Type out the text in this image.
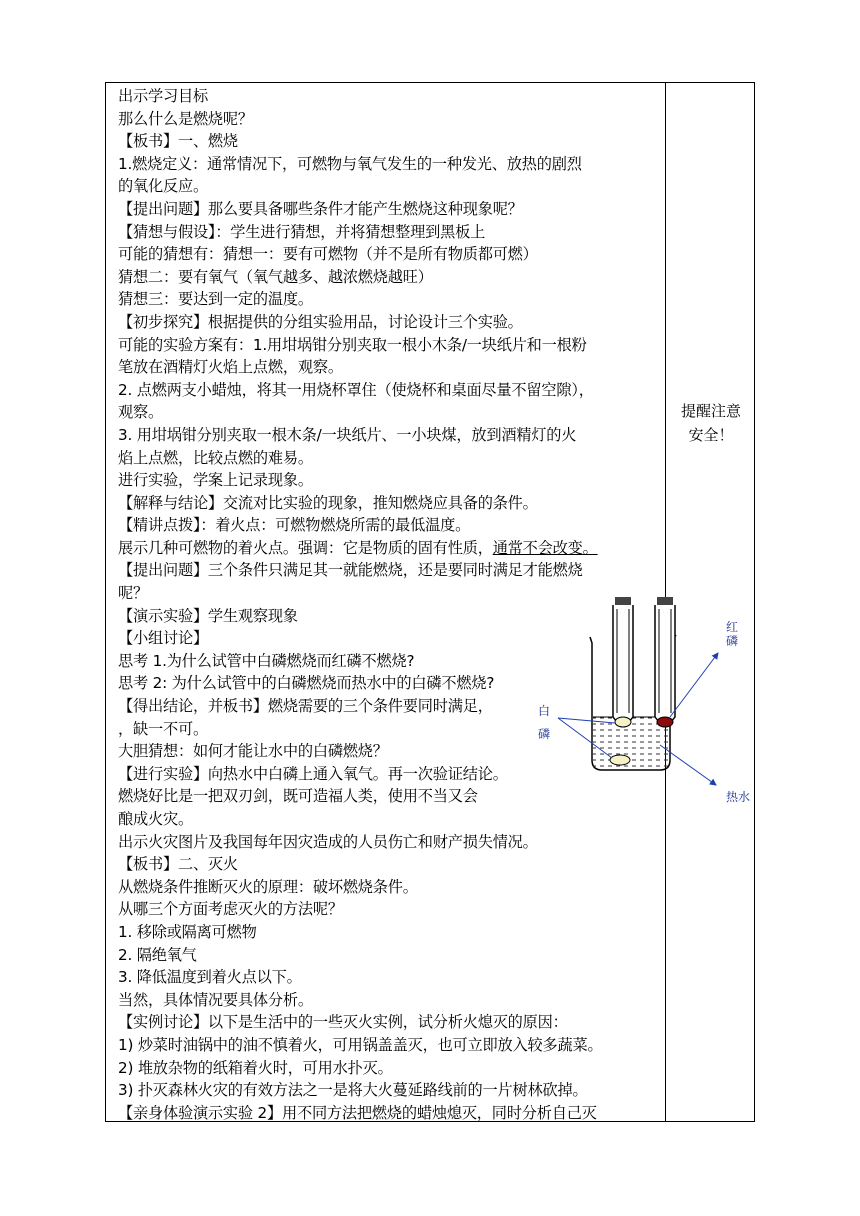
出示学习目标
那么什么是燃烧呢？
【板书】一、燃烧
1.燃烧定义：通常情况下，可燃物与氧气发生的一种发光、放热的剧烈
的氧化反应。
【提出问题】那么要具备哪些条件才能产生燃烧这种现象呢？
【猜想与假设】：学生进行猜想，并将猜想整理到黑板上
可能的猜想有：猜想一：要有可燃物（并不是所有物质都可燃）
猜想二：要有氧气（氧气越多、越浓燃烧越旺）
猜想三：要达到一定的温度。
【初步探究】根据提供的分组实验用品，讨论设计三个实验。
可能的实验方案有：1.用坩埚钳分别夹取一根小木条/一块纸片和一根粉
笔放在酒精灯火焰上点燃，观察。
2. 点燃两支小蜡烛，将其一用烧杯罩住（使烧杯和桌面尽量不留空隙），
观察。
3. 用坩埚钳分别夹取一根木条/一块纸片、一小块煤，放到酒精灯的火
焰上点燃，比较点燃的难易。
进行实验，学案上记录现象。
【解释与结论】交流对比实验的现象，推知燃烧应具备的条件。
【精讲点拨】：着火点：可燃物燃烧所需的最低温度。
展示几种可燃物的着火点。强调：它是物质的固有性质，通常不会改变。
【提出问题】三个条件只满足其一就能燃烧，还是要同时满足才能燃烧
呢？
【演示实验】学生观察现象
【小组讨论】
思考 1.为什么试管中白磷燃烧而红磷不燃烧?
思考 2: 为什么试管中的白磷燃烧而热水中的白磷不燃烧?
【得出结论，并板书】燃烧需要的三个条件要同时满足，
，缺一不可。
大胆猜想：如何才能让水中的白磷燃烧？
【进行实验】向热水中白磷上通入氧气。再一次验证结论。
燃烧好比是一把双刃剑，既可造福人类，使用不当又会
酿成火灾。
出示火灾图片及我国每年因灾造成的人员伤亡和财产损失情况。
【板书】二、灭火
从燃烧条件推断灭火的原理：破坏燃烧条件。
从哪三个方面考虑灭火的方法呢？
1. 移除或隔离可燃物
2. 隔绝氧气
3. 降低温度到着火点以下。
当然，具体情况要具体分析。
【实例讨论】以下是生活中的一些灭火实例，试分析火熄灭的原因：
1) 炒菜时油锅中的油不慎着火，可用锅盖盖灭，也可立即放入较多蔬菜。
2) 堆放杂物的纸箱着火时，可用水扑灭。
3) 扑灭森林火灾的有效方法之一是将大火蔓延路线前的一片树林砍掉。
【亲身体验演示实验 2】用不同方法把燃烧的蜡烛熄灭，同时分析自己灭
提醒注意
安全！
红
磷
白
磷
热水
